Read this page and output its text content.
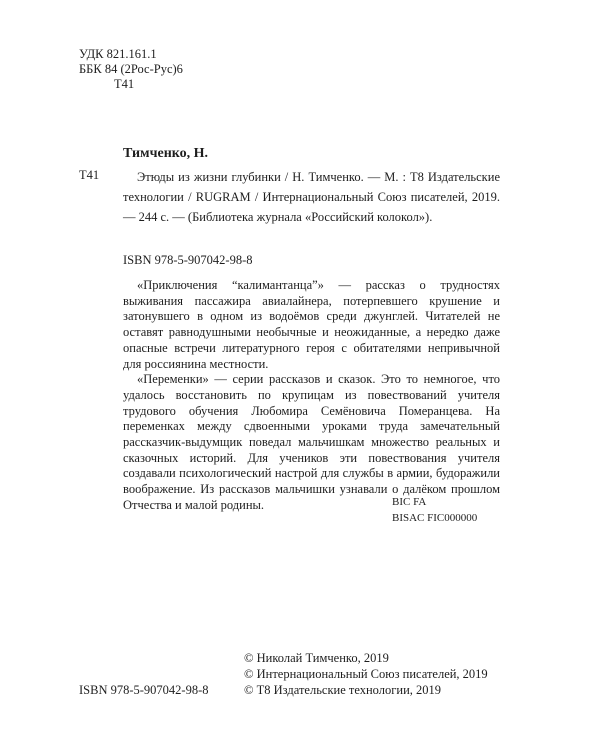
УДК 821.161.1
ББК 84 (2Рос-Рус)6
Т41
Тимченко, Н.
Т41	Этюды из жизни глубинки / Н. Тимченко. — М. : Т8 Издательские технологии / RUGRAM / Интернациональный Союз писателей, 2019. — 244 с. — (Библиотека журнала «Российский колокол»).
ISBN 978-5-907042-98-8

«Приключения “калимантанца”» — рассказ о трудностях выживания пассажира авиалайнера, потерпевшего крушение и затонувшего в одном из водоёмов среди джунглей. Читателей не оставят равнодушными необычные и неожиданные, а нередко даже опасные встречи литературного героя с обитателями непривычной для россиянина местности.

«Переменки» — серии рассказов и сказок. Это то немногое, что удалось восстановить по крупицам из повествований учителя трудового обучения Любомира Семёновича Померанцева. На переменках между сдвоенными уроками труда замечательный рассказчик-выдумщик поведал мальчишкам множество реальных и сказочных историй. Для учеников эти повествования учителя создавали психологический настрой для службы в армии, будоражили воображение. Из рассказов мальчишки узнавали о далёком прошлом Отчества и малой родины.	BIC FA
BISAC FIC000000
© Николай Тимченко, 2019
© Интернациональный Союз писателей, 2019
© Т8 Издательские технологии, 2019
ISBN 978-5-907042-98-8
